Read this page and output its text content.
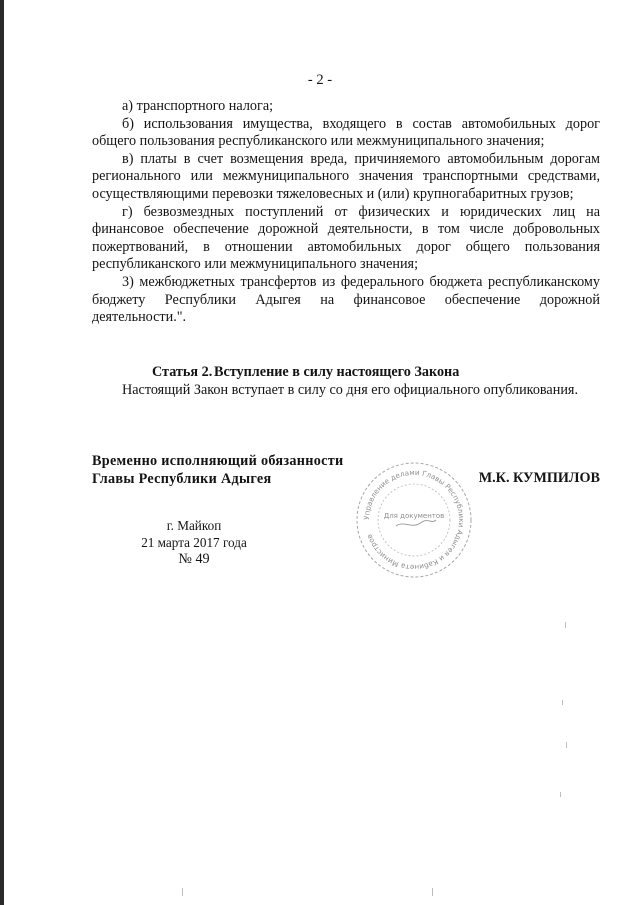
- 2 -

а) транспортного налога;

б) использования имущества, входящего в состав автомобильных дорог общего пользования республиканского или межмуниципального значения;

в) платы в счет возмещения вреда, причиняемого автомобильным дорогам регионального или межмуниципального значения транспортными средствами, осуществляющими перевозки тяжеловесных и (или) крупногабаритных грузов;

г) безвозмездных поступлений от физических и юридических лиц на финансовое обеспечение дорожной деятельности, в том числе добровольных пожертвований, в отношении автомобильных дорог общего пользования республиканского или межмуниципального значения;

3) межбюджетных трансфертов из федерального бюджета республиканскому бюджету Республики Адыгея на финансовое обеспечение дорожной деятельности.".

Статья 2. Вступление в силу настоящего Закона

Настоящий Закон вступает в силу со дня его официального опубликования.

Временно исполняющий обязанности
Главы Республики Адыгея
Управление делами Главы Республики Адыгея и Кабинета Министров
Для документов
М.К. КУМПИЛОВ
г. Майкоп
21 марта 2017 года
№ 49
